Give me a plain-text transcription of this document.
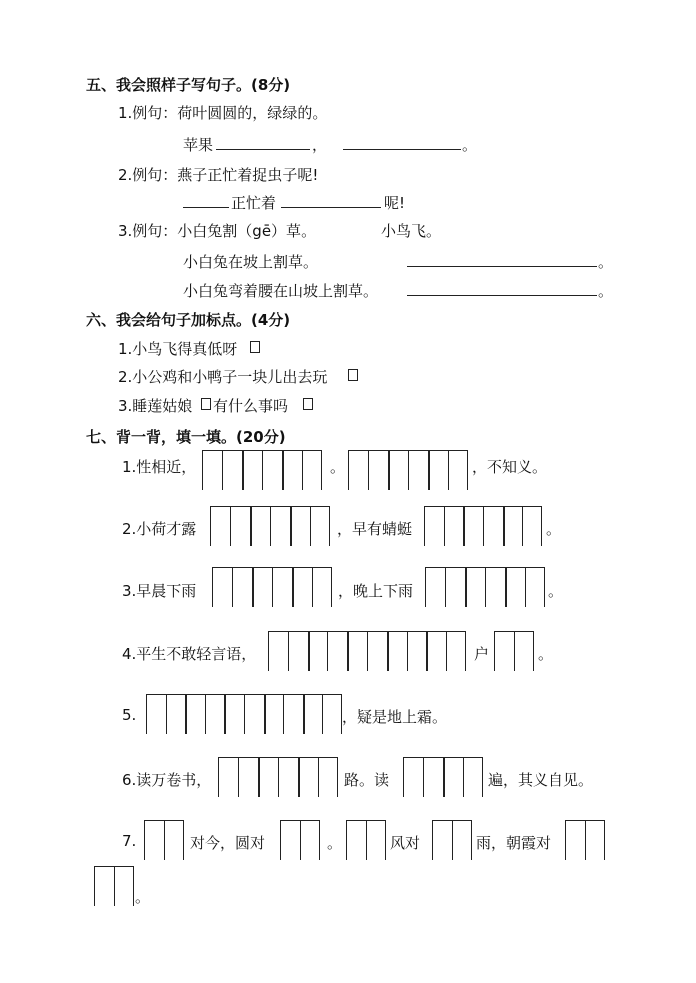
五、我会照样子写句子。(8分)
1.例句：荷叶圆圆的，绿绿的。
苹果	，	。
2.例句：燕子正忙着捉虫子呢!
正忙着	呢!
3.例句：小白兔割（gē）草。	小鸟飞。
小白兔在坡上割草。	。
小白兔弯着腰在山坡上割草。	。
六、我会给句子加标点。(4分)
1.小鸟飞得真低呀
2.小公鸡和小鸭子一块儿出去玩
3.睡莲姑娘 有什么事吗
七、背一背，填一填。(20分)
1.性相近，	。	，不知义。
2.小荷才露	，早有蜻蜓	。
3.早晨下雨	，晚上下雨	。
4.平生不敢轻言语，	户	。
5.	，疑是地上霜。
6.读万卷书，	路。读	遍，其义自见。
7.	对今，圆对	。	风对	雨，朝霞对
。
